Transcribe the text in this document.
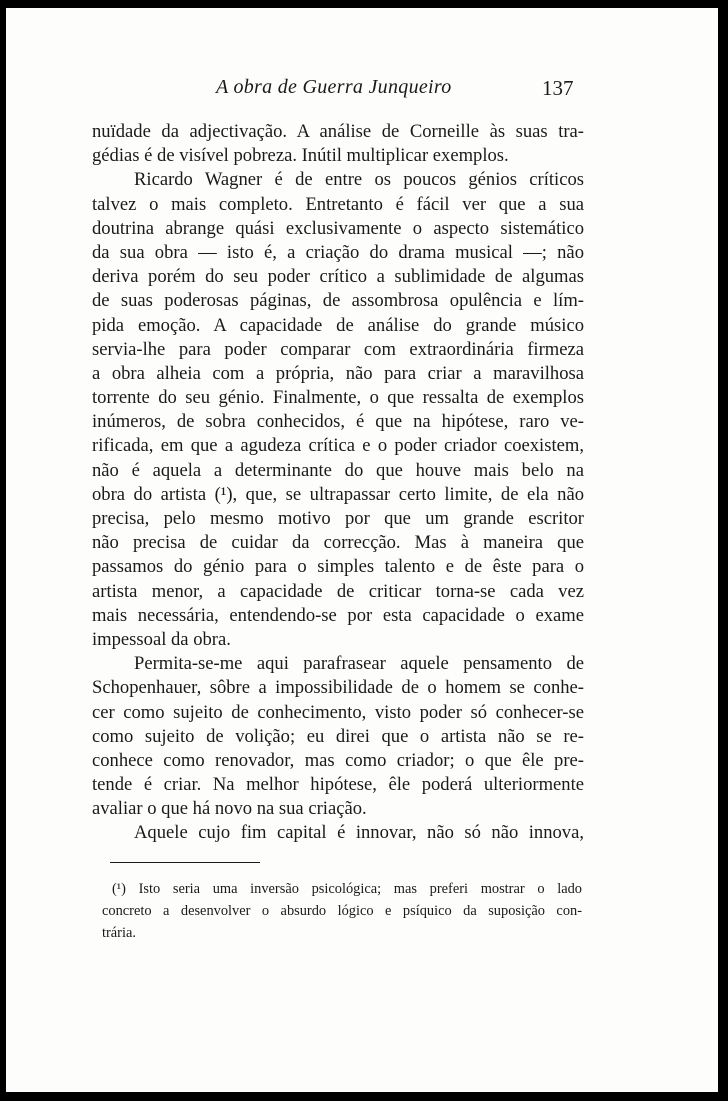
A obra de Guerra Junqueiro	137
nuïdade da adjectivação. A análise de Corneille às suas tra-
gédias é de visível pobreza. Inútil multiplicar exemplos.
Ricardo Wagner é de entre os poucos génios críticos
talvez o mais completo. Entretanto é fácil ver que a sua
doutrina abrange quási exclusivamente o aspecto sistemático
da sua obra — isto é, a criação do drama musical —; não
deriva porém do seu poder crítico a sublimidade de algumas
de suas poderosas páginas, de assombrosa opulência e lím-
pida emoção. A capacidade de análise do grande músico
servia-lhe para poder comparar com extraordinária firmeza
a obra alheia com a própria, não para criar a maravilhosa
torrente do seu génio. Finalmente, o que ressalta de exemplos
inúmeros, de sobra conhecidos, é que na hipótese, raro ve-
rificada, em que a agudeza crítica e o poder criador coexistem,
não é aquela a determinante do que houve mais belo na
obra do artista (¹), que, se ultrapassar certo limite, de ela não
precisa, pelo mesmo motivo por que um grande escritor
não precisa de cuidar da correcção. Mas à maneira que
passamos do génio para o simples talento e de êste para o
artista menor, a capacidade de criticar torna-se cada vez
mais necessária, entendendo-se por esta capacidade o exame
impessoal da obra.
Permita-se-me aqui parafrasear aquele pensamento de
Schopenhauer, sôbre a impossibilidade de o homem se conhe-
cer como sujeito de conhecimento, visto poder só conhecer-se
como sujeito de volição; eu direi que o artista não se re-
conhece como renovador, mas como criador; o que êle pre-
tende é criar. Na melhor hipótese, êle poderá ulteriormente
avaliar o que há novo na sua criação.
Aquele cujo fim capital é innovar, não só não innova,
(¹) Isto seria uma inversão psicológica; mas preferi mostrar o lado
concreto a desenvolver o absurdo lógico e psíquico da suposição con-
trária.
